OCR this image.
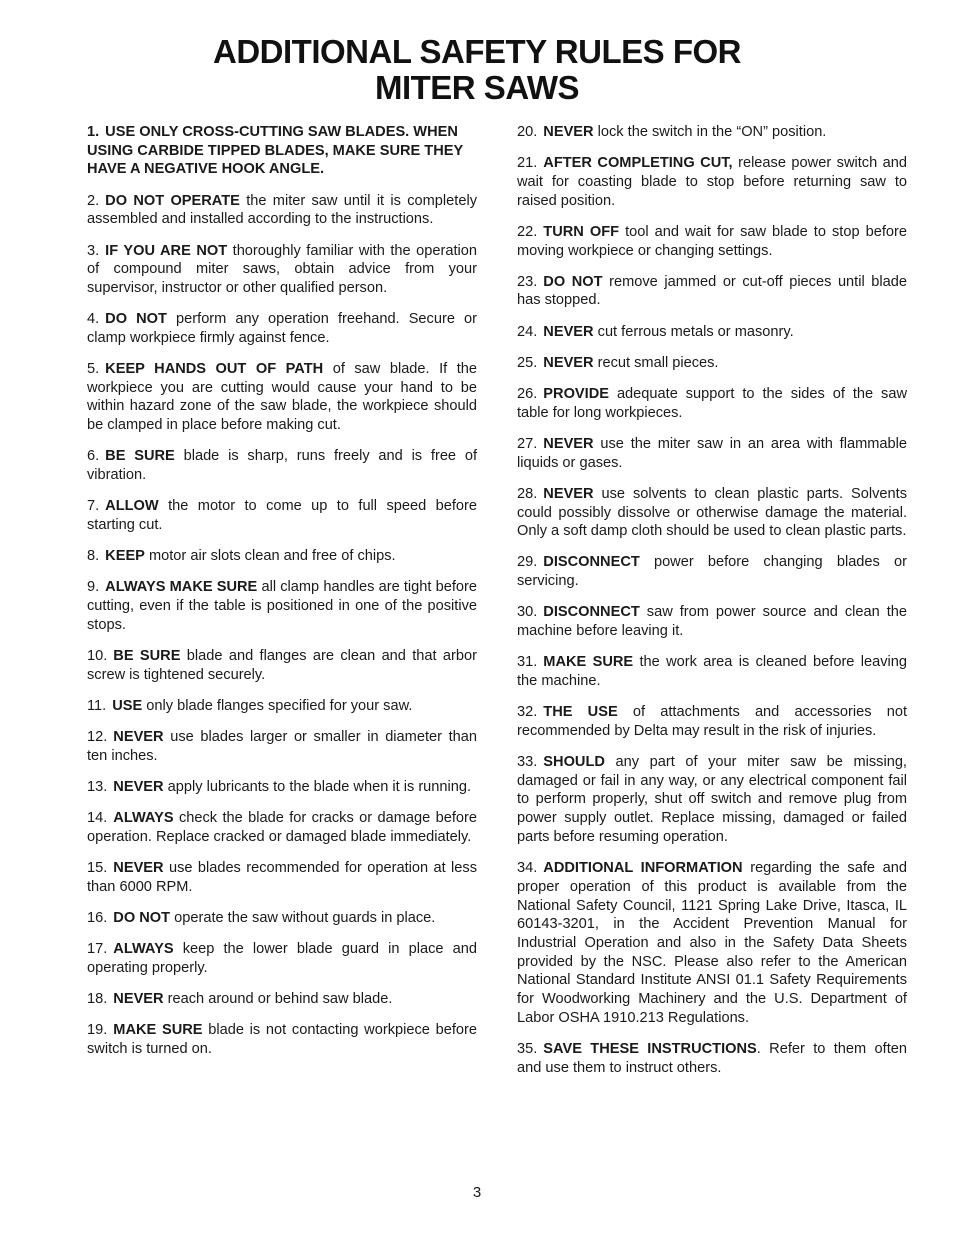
ADDITIONAL SAFETY RULES FOR
MITER SAWS

1. USE ONLY CROSS-CUTTING SAW BLADES. WHEN USING CARBIDE TIPPED BLADES, MAKE SURE THEY HAVE A NEGATIVE HOOK ANGLE.

2. DO NOT OPERATE the miter saw until it is completely assembled and installed according to the instructions.

3. IF YOU ARE NOT thoroughly familiar with the operation of compound miter saws, obtain advice from your supervisor, instructor or other qualified person.

4. DO NOT perform any operation freehand. Secure or clamp workpiece firmly against fence.

5. KEEP HANDS OUT OF PATH of saw blade. If the workpiece you are cutting would cause your hand to be within hazard zone of the saw blade, the workpiece should be clamped in place before making cut.

6. BE SURE blade is sharp, runs freely and is free of vibration.

7. ALLOW the motor to come up to full speed before starting cut.

8. KEEP motor air slots clean and free of chips.

9. ALWAYS MAKE SURE all clamp handles are tight before cutting, even if the table is positioned in one of the positive stops.

10. BE SURE blade and flanges are clean and that arbor screw is tightened securely.

11. USE only blade flanges specified for your saw.

12. NEVER use blades larger or smaller in diameter than ten inches.

13. NEVER apply lubricants to the blade when it is running.

14. ALWAYS check the blade for cracks or damage before operation. Replace cracked or damaged blade immediately.

15. NEVER use blades recommended for operation at less than 6000 RPM.

16. DO NOT operate the saw without guards in place.

17. ALWAYS keep the lower blade guard in place and operating properly.

18. NEVER reach around or behind saw blade.

19. MAKE SURE blade is not contacting workpiece before switch is turned on.

20. NEVER lock the switch in the “ON” position.

21. AFTER COMPLETING CUT, release power switch and wait for coasting blade to stop before returning saw to raised position.

22. TURN OFF tool and wait for saw blade to stop before moving workpiece or changing settings.

23. DO NOT remove jammed or cut-off pieces until blade has stopped.

24. NEVER cut ferrous metals or masonry.

25. NEVER recut small pieces.

26. PROVIDE adequate support to the sides of the saw table for long workpieces.

27. NEVER use the miter saw in an area with flammable liquids or gases.

28. NEVER use solvents to clean plastic parts. Solvents could possibly dissolve or otherwise damage the material. Only a soft damp cloth should be used to clean plastic parts.

29. DISCONNECT power before changing blades or servicing.

30. DISCONNECT saw from power source and clean the machine before leaving it.

31. MAKE SURE the work area is cleaned before leaving the machine.

32. THE USE of attachments and accessories not recommended by Delta may result in the risk of injuries.

33. SHOULD any part of your miter saw be missing, damaged or fail in any way, or any electrical component fail to perform properly, shut off switch and remove plug from power supply outlet. Replace missing, damaged or failed parts before resuming operation.

34. ADDITIONAL INFORMATION regarding the safe and proper operation of this product is available from the National Safety Council, 1121 Spring Lake Drive, Itasca, IL 60143-3201, in the Accident Prevention Manual for Industrial Operation and also in the Safety Data Sheets provided by the NSC. Please also refer to the American National Standard Institute ANSI 01.1 Safety Requirements for Woodworking Machinery and the U.S. Department of Labor OSHA 1910.213 Regulations.

35. SAVE THESE INSTRUCTIONS. Refer to them often and use them to instruct others.

3
